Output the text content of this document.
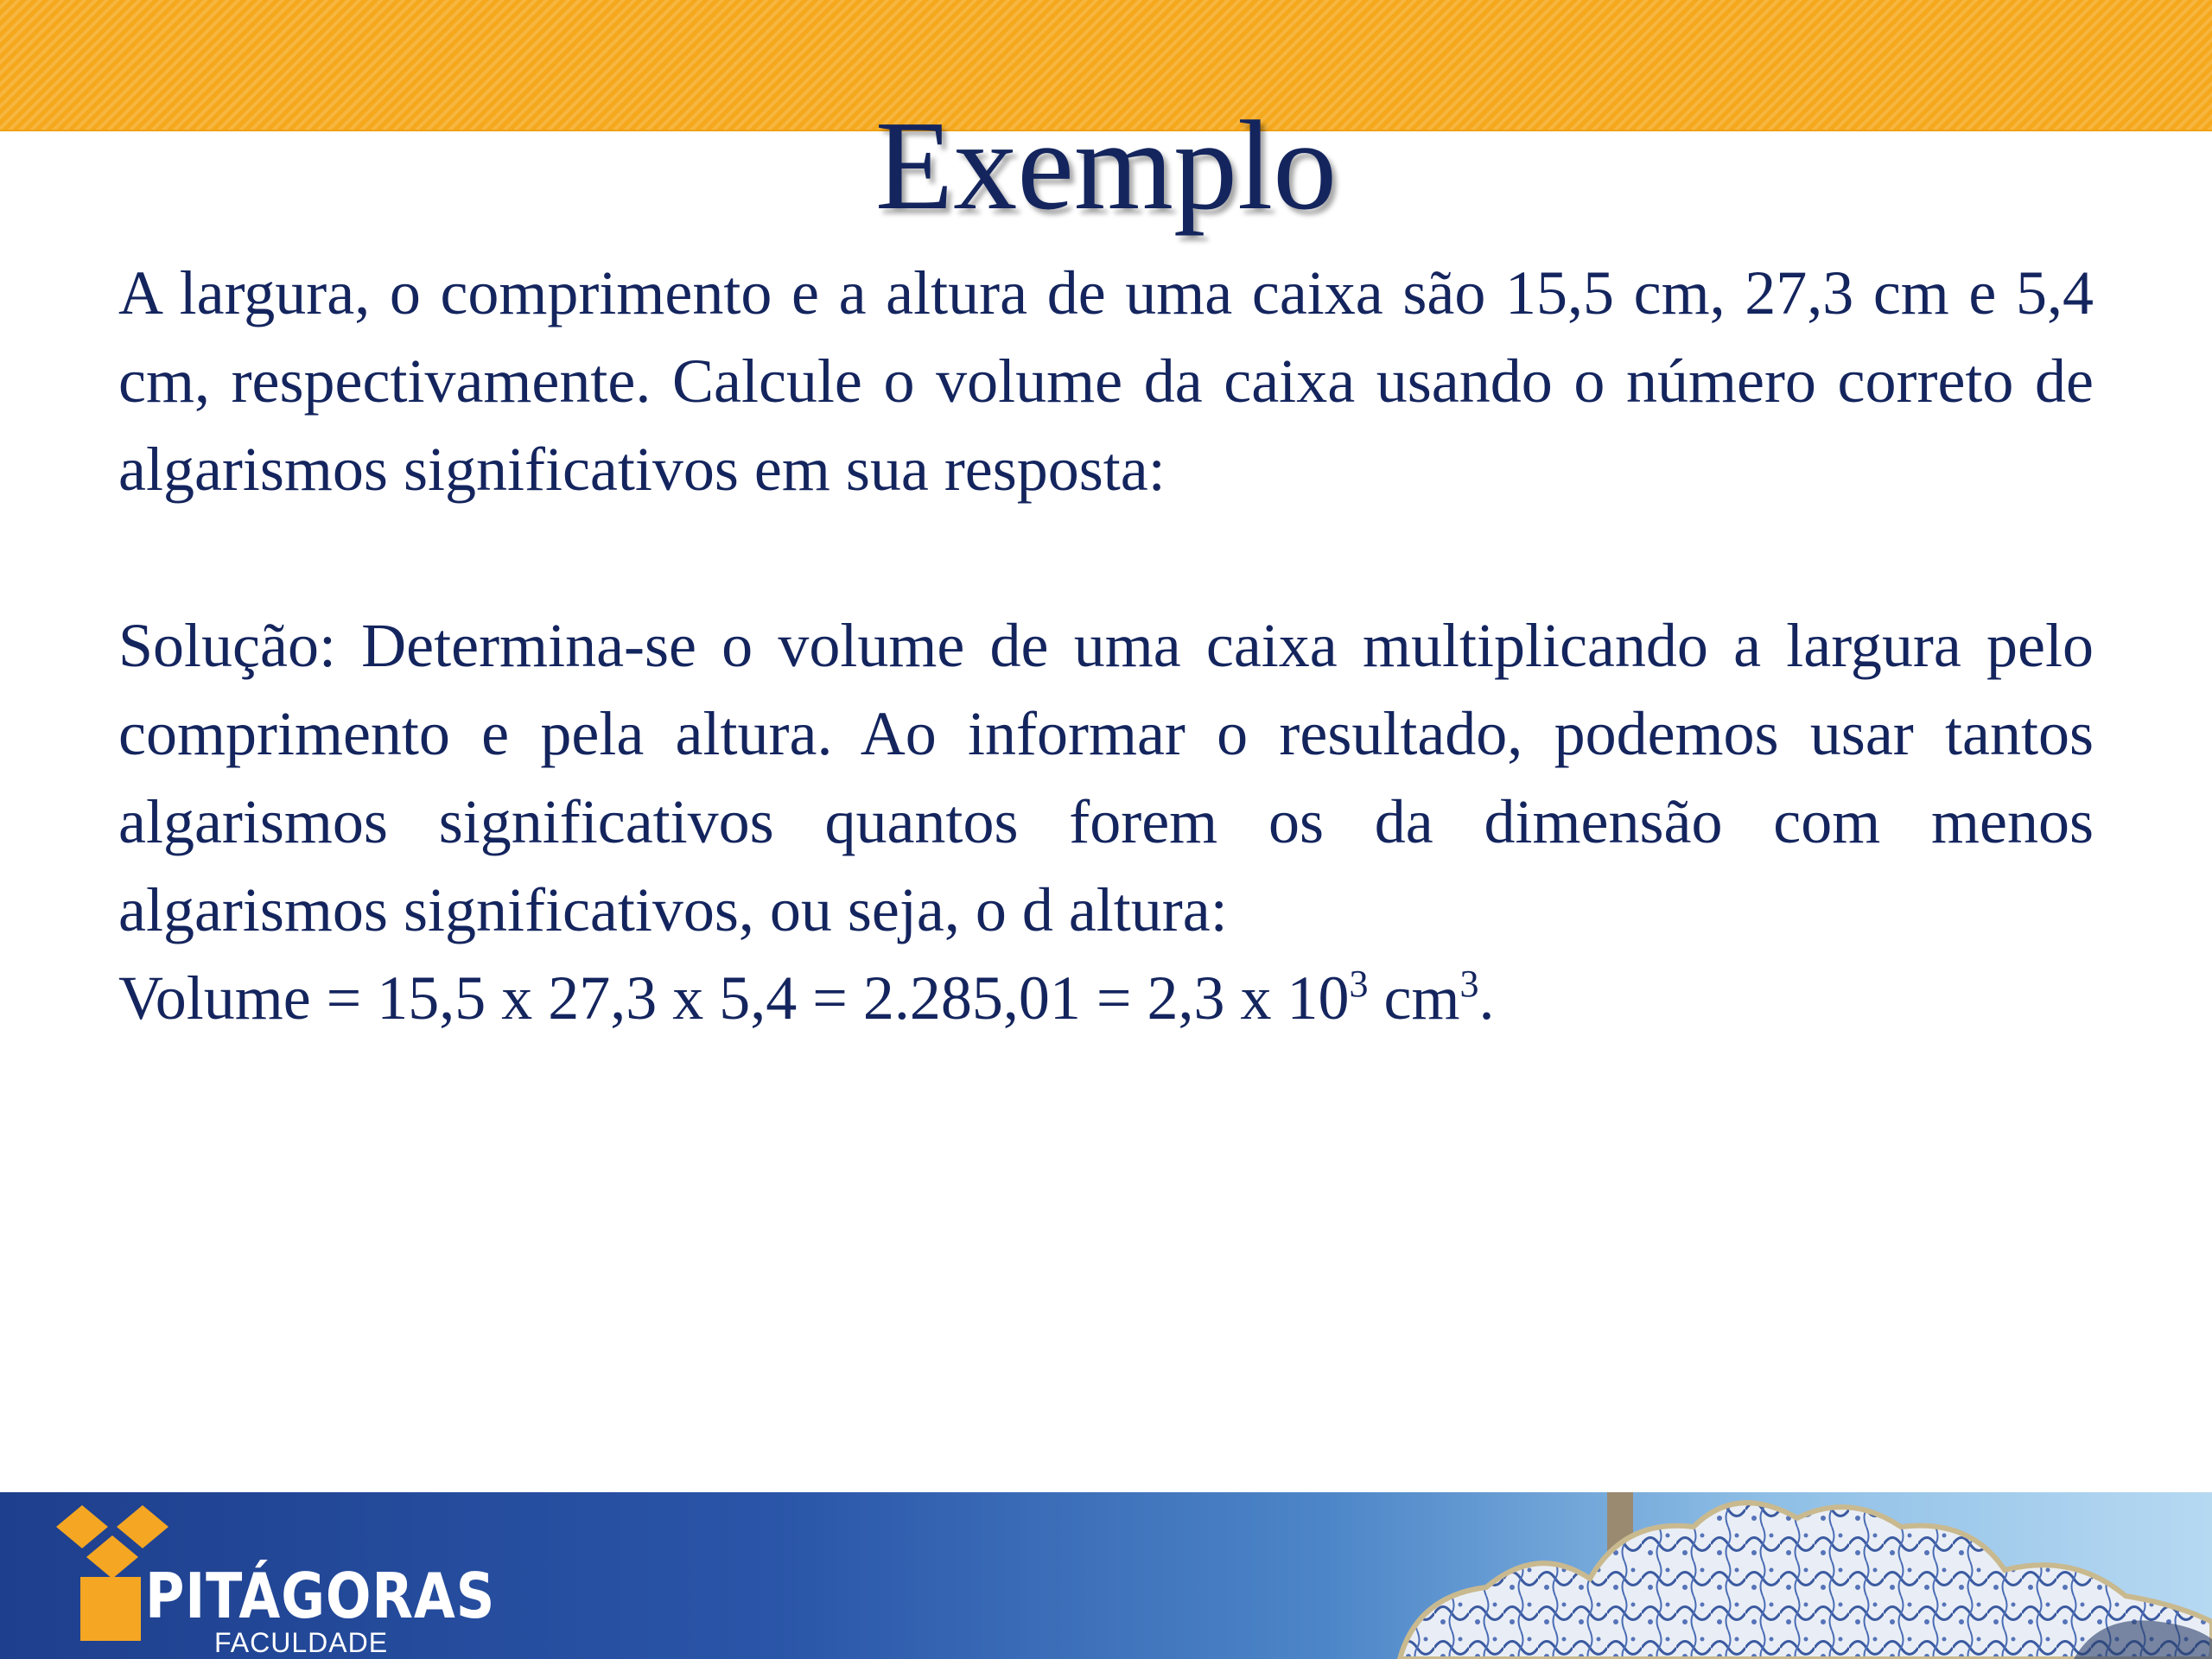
Exemplo

A largura, o comprimento e a altura de uma caixa são 15,5 cm, 27,3 cm e 5,4 cm, respectivamente. Calcule o volume da caixa usando o número correto de algarismos significativos em sua resposta:

Solução: Determina-se o volume de uma caixa multiplicando a largura pelo comprimento e pela altura. Ao informar o resultado, podemos usar tantos algarismos significativos quantos forem os da dimensão com menos algarismos significativos, ou seja, o d altura:

Volume = 15,5 x 27,3 x 5,4 = 2.285,01 = 2,3 x $10^3$ $cm^3$.

PITÁGORAS
FACULDADE
